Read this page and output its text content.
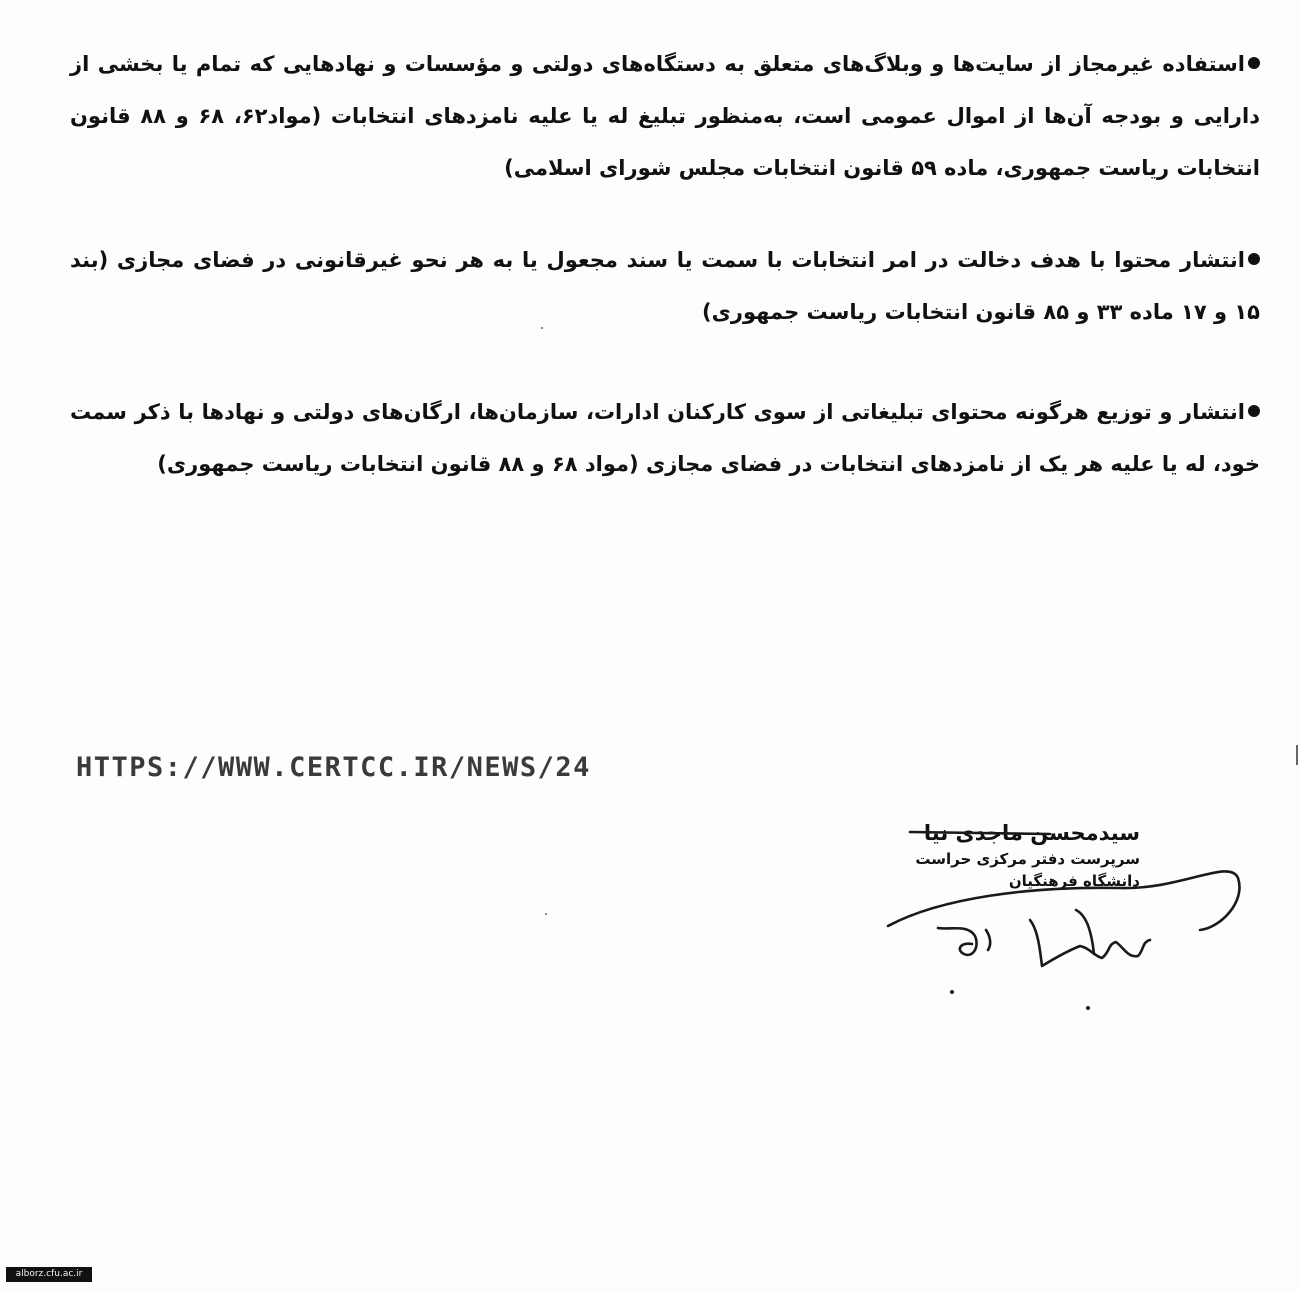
استفاده غیرمجاز از سایت‌ها و وبلاگ‌های متعلق به دستگاه‌های دولتی و مؤسسات و نهادهایی که تمام یا بخشی از دارایی و بودجه آن‌ها از اموال عمومی است، به‌منظور تبلیغ له یا علیه نامزدهای انتخابات (مواد۶۲، ۶۸ و ۸۸ قانون انتخابات ریاست جمهوری، ماده ۵۹ قانون انتخابات مجلس شورای اسلامی)

انتشار محتوا با هدف دخالت در امر انتخابات با سمت یا سند مجعول یا به هر نحو غیرقانونی در فضای مجازی (بند ۱۵ و ۱۷ ماده ۳۳ و ۸۵ قانون انتخابات ریاست جمهوری)

انتشار و توزیع هرگونه محتوای تبلیغاتی از سوی کارکنان ادارات، سازمان‌ها، ارگان‌های دولتی و نهادها با ذکر سمت خود، له یا علیه هر یک از نامزدهای انتخابات در فضای مجازی (مواد ۶۸ و ۸۸ قانون انتخابات ریاست جمهوری)

HTTPS://WWW.CERTCC.IR/NEWS/24
سیدمحسن ماجدی نیا
سرپرست دفتر مرکزی حراست
دانشگاه فرهنگیان
alborz.cfu.ac.ir
